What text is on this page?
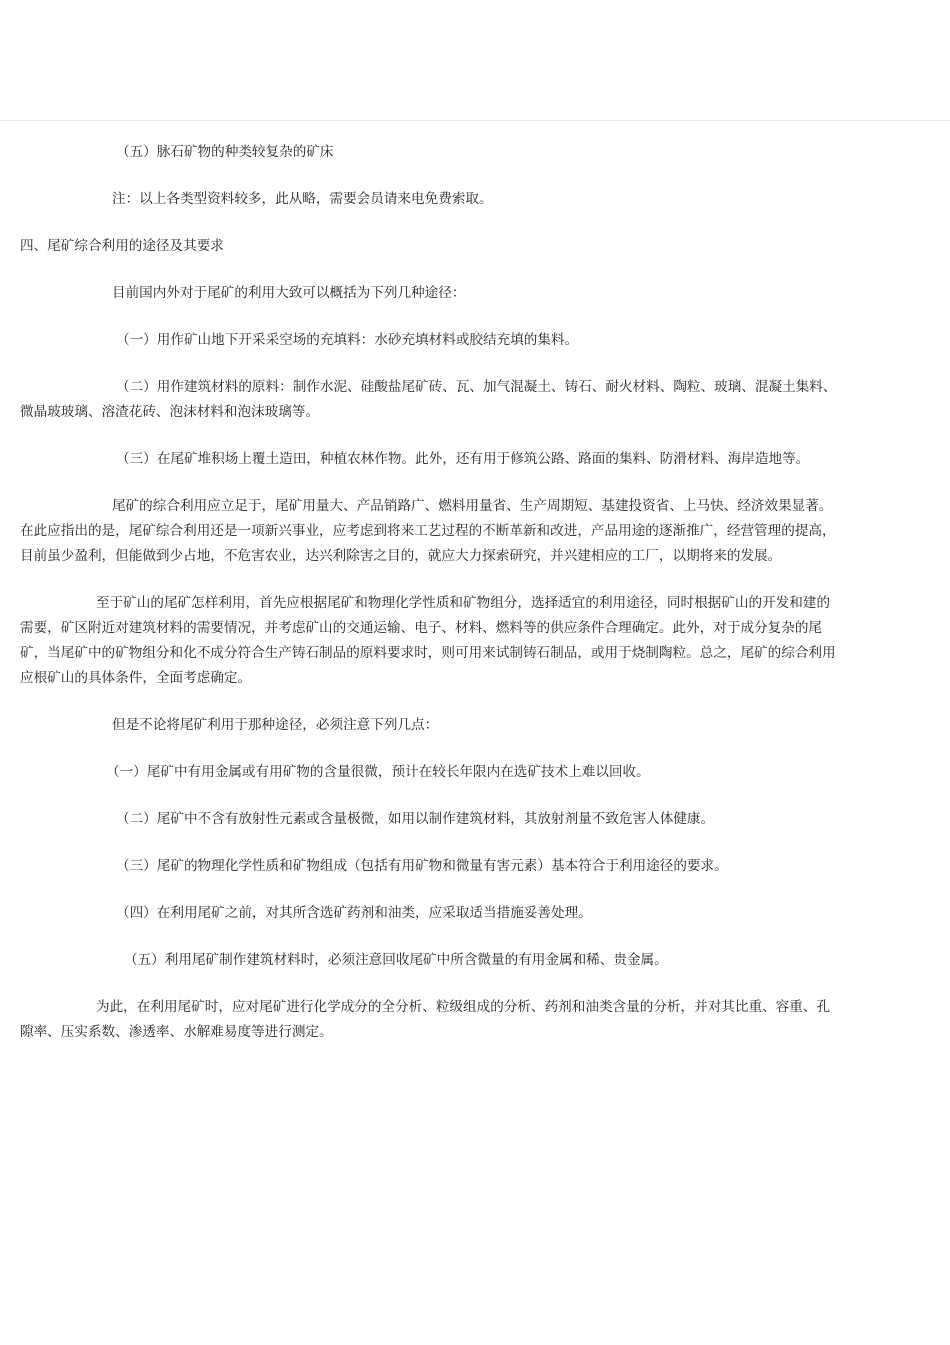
（五）脉石矿物的种类较复杂的矿床

注：以上各类型资料较多，此从略，需要会员请来电免费索取。

四、尾矿综合利用的途径及其要求

目前国内外对于尾矿的利用大致可以概括为下列几种途径：

（一）用作矿山地下开采采空场的充填料：水砂充填材料或胶结充填的集料。

（二）用作建筑材料的原料：制作水泥、硅酸盐尾矿砖、瓦、加气混凝土、铸石、耐火材料、陶粒、玻璃、混凝土集料、微晶玻玻璃、溶渣花砖、泡沫材料和泡沫玻璃等。

（三）在尾矿堆积场上覆土造田，种植农林作物。此外，还有用于修筑公路、路面的集料、防滑材料、海岸造地等。

尾矿的综合利用应立足于，尾矿用量大、产品销路广、燃料用量省、生产周期短、基建投资省、上马快、经济效果显著。在此应指出的是，尾矿综合利用还是一项新兴事业，应考虑到将来工艺过程的不断革新和改进，产品用途的逐渐推广，经营管理的提高，目前虽少盈利，但能做到少占地，不危害农业，达兴利除害之目的，就应大力探索研究，并兴建相应的工厂，以期将来的发展。

至于矿山的尾矿怎样利用，首先应根据尾矿和物理化学性质和矿物组分，选择适宜的利用途径，同时根据矿山的开发和建的需要，矿区附近对建筑材料的需要情况，并考虑矿山的交通运输、电子、材料、燃料等的供应条件合理确定。此外，对于成分复杂的尾矿，当尾矿中的矿物组分和化不成分符合生产铸石制品的原料要求时，则可用来试制铸石制品，或用于烧制陶粒。总之，尾矿的综合利用应根矿山的具体条件，全面考虑确定。

但是不论将尾矿利用于那种途径，必须注意下列几点：

（一）尾矿中有用金属或有用矿物的含量很微，预计在较长年限内在选矿技术上难以回收。

（二）尾矿中不含有放射性元素或含量极微，如用以制作建筑材料，其放射剂量不致危害人体健康。

（三）尾矿的物理化学性质和矿物组成（包括有用矿物和微量有害元素）基本符合于利用途径的要求。

（四）在利用尾矿之前，对其所含选矿药剂和油类，应采取适当措施妥善处理。

（五）利用尾矿制作建筑材料时，必须注意回收尾矿中所含微量的有用金属和稀、贵金属。

为此，在利用尾矿时，应对尾矿进行化学成分的全分析、粒级组成的分析、药剂和油类含量的分析，并对其比重、容重、孔隙率、压实系数、渗透率、水解难易度等进行测定。
